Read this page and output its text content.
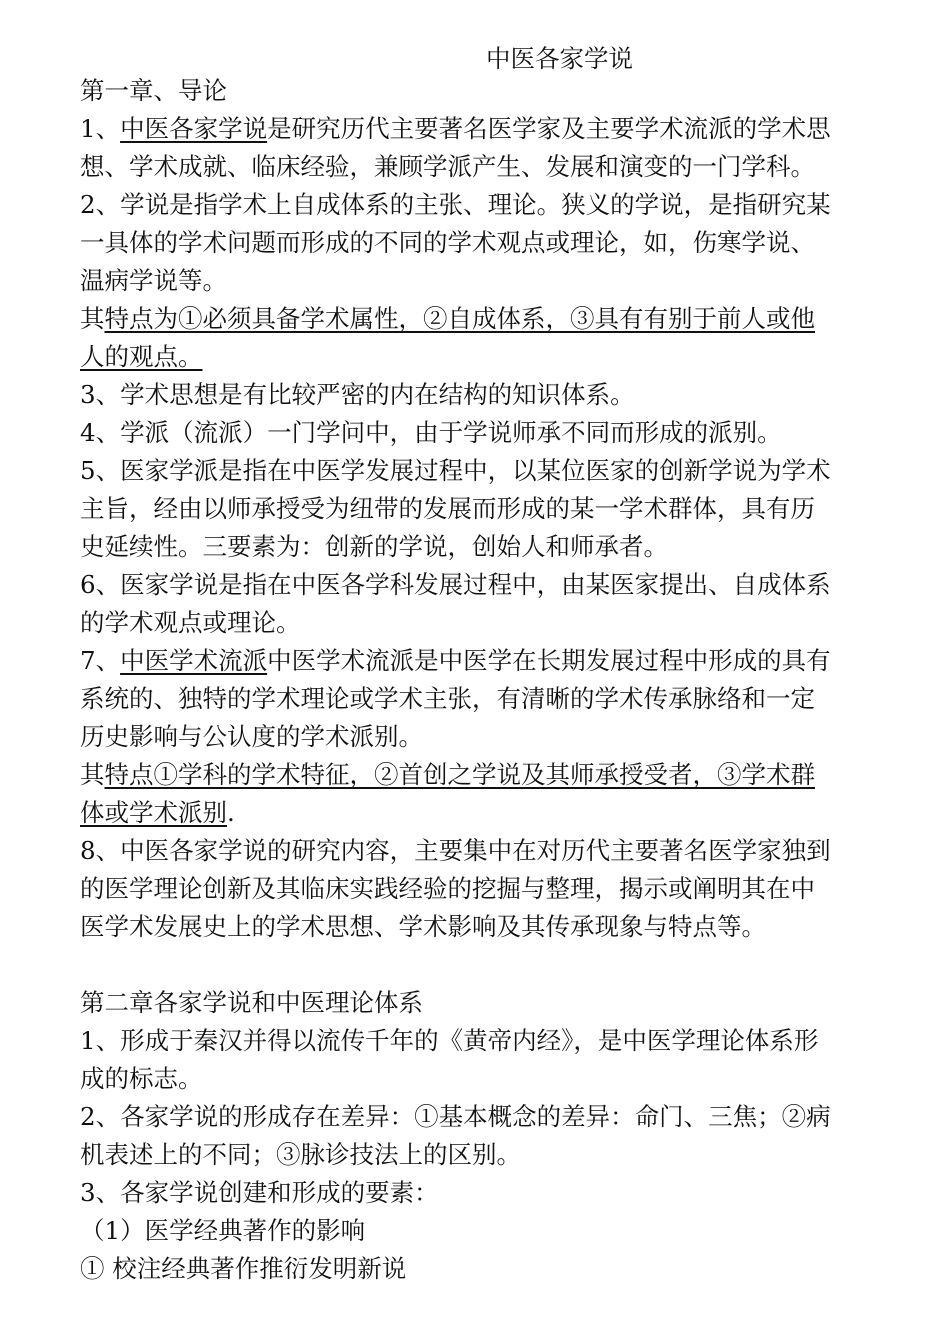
中医各家学说
第一章、导论
1、中医各家学说是研究历代主要著名医学家及主要学术流派的学术思
想、学术成就、临床经验，兼顾学派产生、发展和演变的一门学科。
2、学说是指学术上自成体系的主张、理论。狭义的学说，是指研究某
一具体的学术问题而形成的不同的学术观点或理论，如，伤寒学说、
温病学说等。
其特点为①必须具备学术属性，②自成体系，③具有有别于前人或他
人的观点。
3、学术思想是有比较严密的内在结构的知识体系。
4、学派（流派）一门学问中，由于学说师承不同而形成的派别。
5、医家学派是指在中医学发展过程中，以某位医家的创新学说为学术
主旨，经由以师承授受为纽带的发展而形成的某一学术群体，具有历
史延续性。三要素为：创新的学说，创始人和师承者。
6、医家学说是指在中医各学科发展过程中，由某医家提出、自成体系
的学术观点或理论。
7、中医学术流派中医学术流派是中医学在长期发展过程中形成的具有
系统的、独特的学术理论或学术主张，有清晰的学术传承脉络和一定
历史影响与公认度的学术派别。
其特点①学科的学术特征，②首创之学说及其师承授受者，③学术群
体或学术派别.
8、中医各家学说的研究内容，主要集中在对历代主要著名医学家独到
的医学理论创新及其临床实践经验的挖掘与整理，揭示或阐明其在中
医学术发展史上的学术思想、学术影响及其传承现象与特点等。
第二章各家学说和中医理论体系
1、形成于秦汉并得以流传千年的《黄帝内经》，是中医学理论体系形
成的标志。
2、各家学说的形成存在差异：①基本概念的差异：命门、三焦；②病
机表述上的不同；③脉诊技法上的区别。
3、各家学说创建和形成的要素：
（1）医学经典著作的影响
① 校注经典著作推衍发明新说
